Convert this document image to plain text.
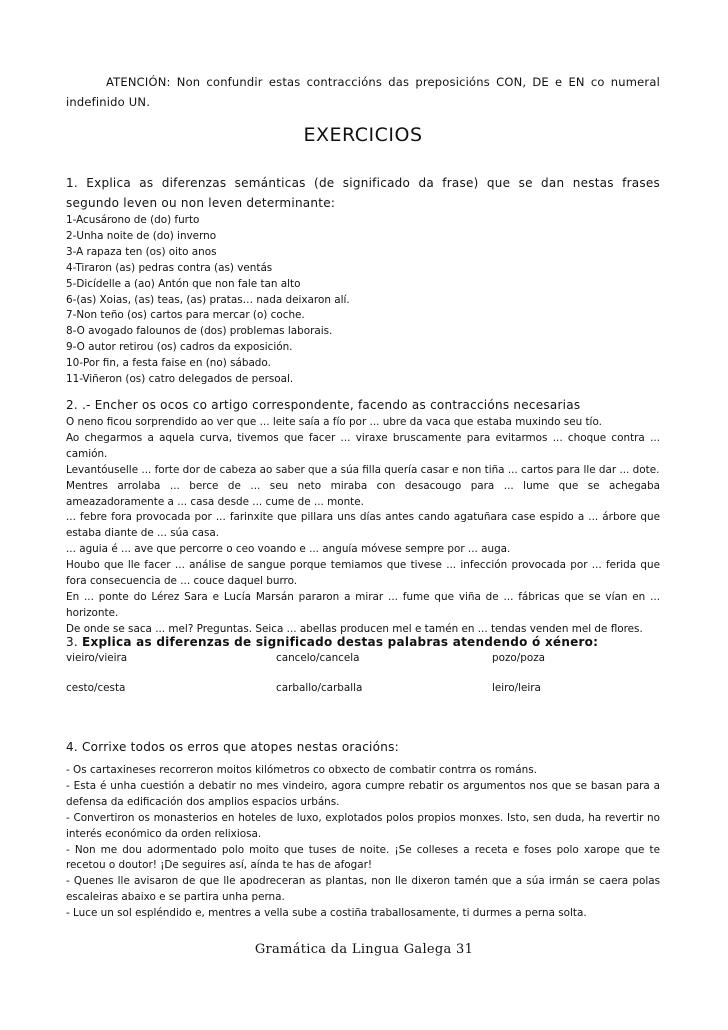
ATENCIÓN: Non confundir estas contraccións das preposicións CON, DE e EN co numeral indefinido UN.
EXERCICIOS
1. Explica as diferenzas semánticas (de significado da frase) que se dan nestas frases segundo leven ou non leven determinante:
1-Acusárono de (do) furto
2-Unha noite de (do) inverno
3-A rapaza ten (os) oito anos
4-Tiraron (as) pedras contra (as) ventás
5-Dicídelle a (ao) Antón que non fale tan alto
6-(as) Xoias, (as) teas, (as) pratas… nada deixaron alí.
7-Non teño (os) cartos para mercar (o) coche.
8-O avogado falounos de (dos) problemas laborais.
9-O autor retirou (os) cadros da exposición.
10-Por fin, a festa faise en (no) sábado.
11-Viñeron (os) catro delegados de persoal.
2. .- Encher os ocos co artigo correspondente, facendo as contraccións necesarias
O neno ficou sorprendido ao ver que ... leite saía a fío por ... ubre da vaca que estaba muxindo seu tío.
Ao chegarmos a aquela curva, tivemos que facer ... viraxe bruscamente para evitarmos ... choque contra ... camión.
Levantóuselle ... forte dor de cabeza ao saber que a súa filla quería casar e non tiña ... cartos para lle dar ... dote.
Mentres arrolaba ... berce de ... seu neto miraba con desacougo para ... lume que se achegaba ameazadoramente a ... casa desde ... cume de ... monte.
... febre fora provocada por ... farinxite que pillara uns días antes cando agatuñara case espido a ... árbore que estaba diante de ... súa casa.
... aguia é ... ave que percorre o ceo voando e ... anguía móvese sempre por ... auga.
Houbo que lle facer ... análise de sangue porque temiamos que tivese ... infección provocada por ... ferida que fora consecuencia de ... couce daquel burro.
En ... ponte do Lérez Sara e Lucía Marsán pararon a mirar ... fume que viña de ... fábricas que se vían en ... horizonte.
De onde se saca ... mel? Preguntas. Seica ... abellas producen mel e tamén en ... tendas venden mel de flores.
3. Explica as diferenzas de significado destas palabras atendendo ó xénero:
vieiro/vieira	cancelo/cancela	pozo/poza
cesto/cesta	carballo/carballa	leiro/leira
4. Corrixe todos os erros que atopes nestas oracións:
- Os cartaxineses recorreron moitos kilómetros co obxecto de combatir contrra os románs.
- Esta é unha cuestión a debatir no mes vindeiro, agora cumpre rebatir os argumentos nos que se basan para a defensa da edificación dos amplios espacios urbáns.
- Convertiron os monasterios en hoteles de luxo, explotados polos propios monxes. Isto, sen duda, ha revertir no interés económico da orden relixiosa.
- Non me dou adormentado polo moito que tuses de noite. ¡Se colleses a receta e foses polo xarope que te recetou o doutor! ¡De seguires así, aínda te has de afogar!
- Quenes lle avisaron de que lle apodreceran as plantas, non lle dixeron tamén que a súa irmán se caera polas escaleiras abaixo e se partira unha perna.
- Luce un sol espléndido e, mentres a vella sube a costiña traballosamente, ti durmes a perna soltа.
Gramática da Lingua Galega 31
